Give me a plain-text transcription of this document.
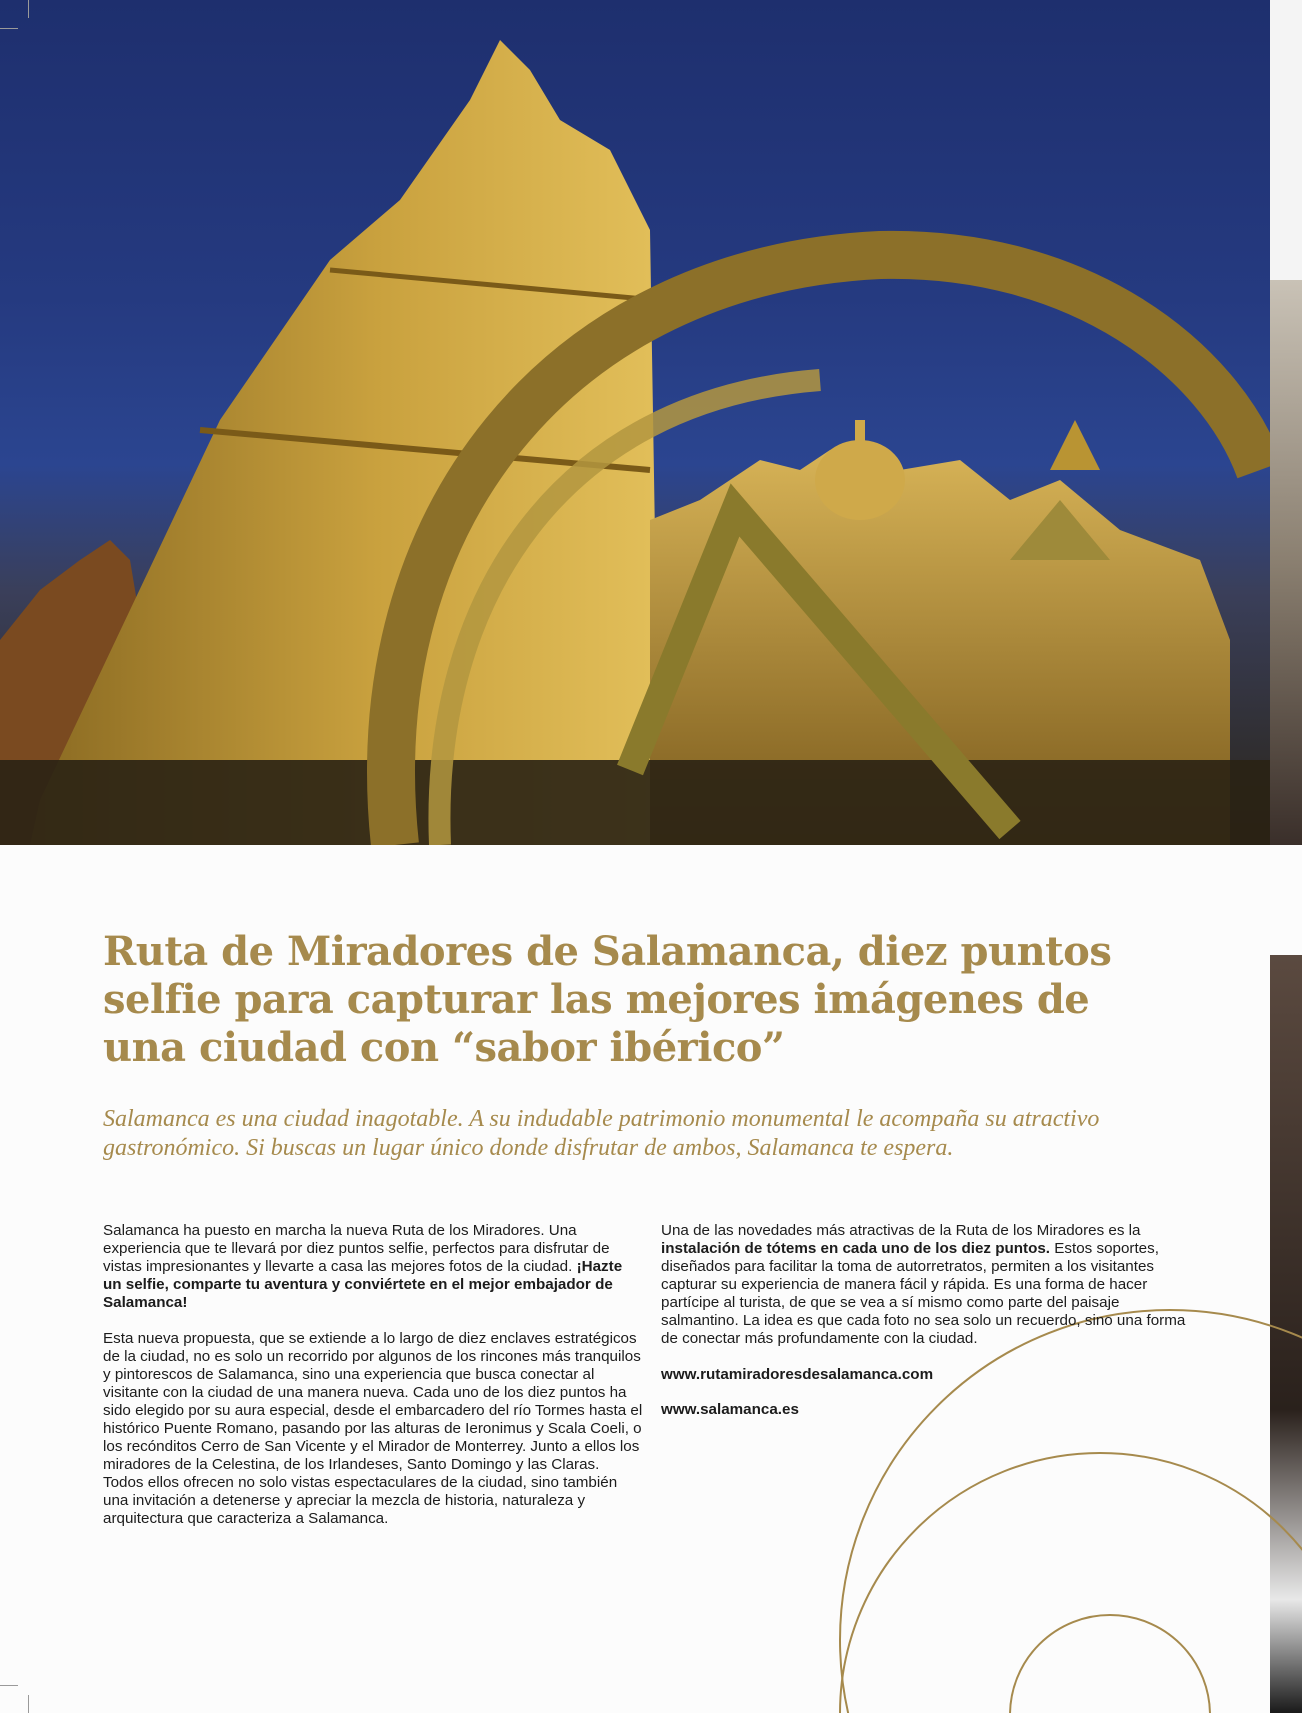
Ruta de Miradores de Salamanca, diez puntos selfie para capturar las mejores imágenes de una ciudad con “sabor ibérico”

Salamanca es una ciudad inagotable. A su indudable patrimonio monumental le acompaña su atractivo gastronómico. Si buscas un lugar único donde disfrutar de ambos, Salamanca te espera.

Salamanca ha puesto en marcha la nueva Ruta de los Miradores. Una experiencia que te llevará por diez puntos selfie, perfectos para disfrutar de vistas impresionantes y llevarte a casa las mejores fotos de la ciudad. ¡Hazte un selfie, comparte tu aventura y conviértete en el mejor embajador de Salamanca!

Esta nueva propuesta, que se extiende a lo largo de diez enclaves estratégicos de la ciudad, no es solo un recorrido por algunos de los rincones más tranquilos y pintorescos de Salamanca, sino una experiencia que busca conectar al visitante con la ciudad de una manera nueva. Cada uno de los diez puntos ha sido elegido por su aura especial, desde el embarcadero del río Tormes hasta el histórico Puente Romano, pasando por las alturas de Ieronimus y Scala Coeli, o los recónditos Cerro de San Vicente y el Mirador de Monterrey. Junto a ellos los miradores de la Celestina, de los Irlandeses, Santo Domingo y las Claras. Todos ellos ofrecen no solo vistas espectaculares de la ciudad, sino también una invitación a detenerse y apreciar la mezcla de historia, naturaleza y arquitectura que caracteriza a Salamanca.

Una de las novedades más atractivas de la Ruta de los Miradores es la instalación de tótems en cada uno de los diez puntos. Estos soportes, diseñados para facilitar la toma de autorretratos, permiten a los visitantes capturar su experiencia de manera fácil y rápida. Es una forma de hacer partícipe al turista, de que se vea a sí mismo como parte del paisaje salmantino. La idea es que cada foto no sea solo un recuerdo, sino una forma de conectar más profundamente con la ciudad.

www.rutamiradoresdesalamanca.com
www.salamanca.es
